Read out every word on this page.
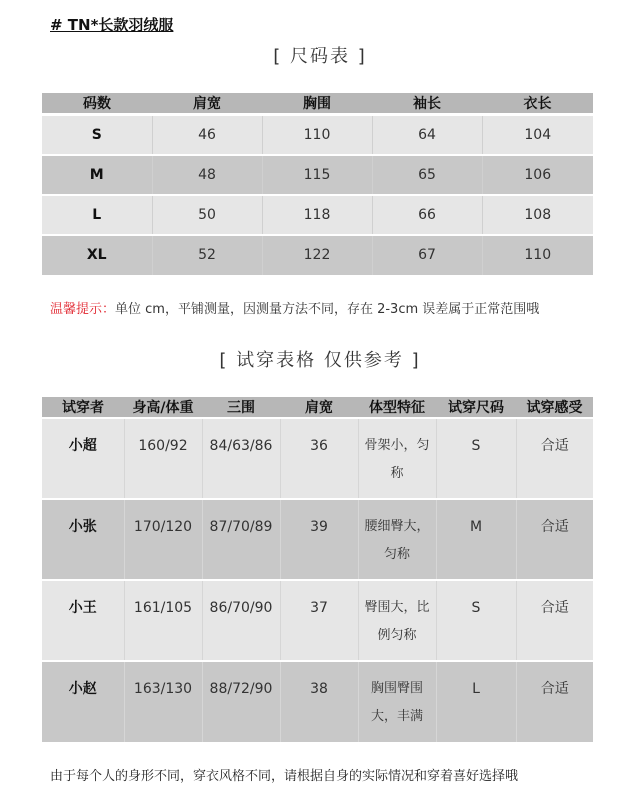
# TN*长款羽绒服
[ 尺码表 ]
码数	肩宽	胸围	袖长	衣长
S	46	110	64	104
M	48	115	65	106
L	50	118	66	108
XL	52	122	67	110
温馨提示：单位 cm，平铺测量，因测量方法不同，存在 2-3cm 误差属于正常范围哦
[ 试穿表格 仅供参考 ]
试穿者	身高/体重	三围	肩宽	体型特征	试穿尺码	试穿感受
小超	160/92	84/63/86	36	骨架小，匀称	S	合适
小张	170/120	87/70/89	39	腰细臀大，匀称	M	合适
小王	161/105	86/70/90	37	臀围大，比例匀称	S	合适
小赵	163/130	88/72/90	38	胸围臀围大，丰满	L	合适
由于每个人的身形不同，穿衣风格不同，请根据自身的实际情况和穿着喜好选择哦
